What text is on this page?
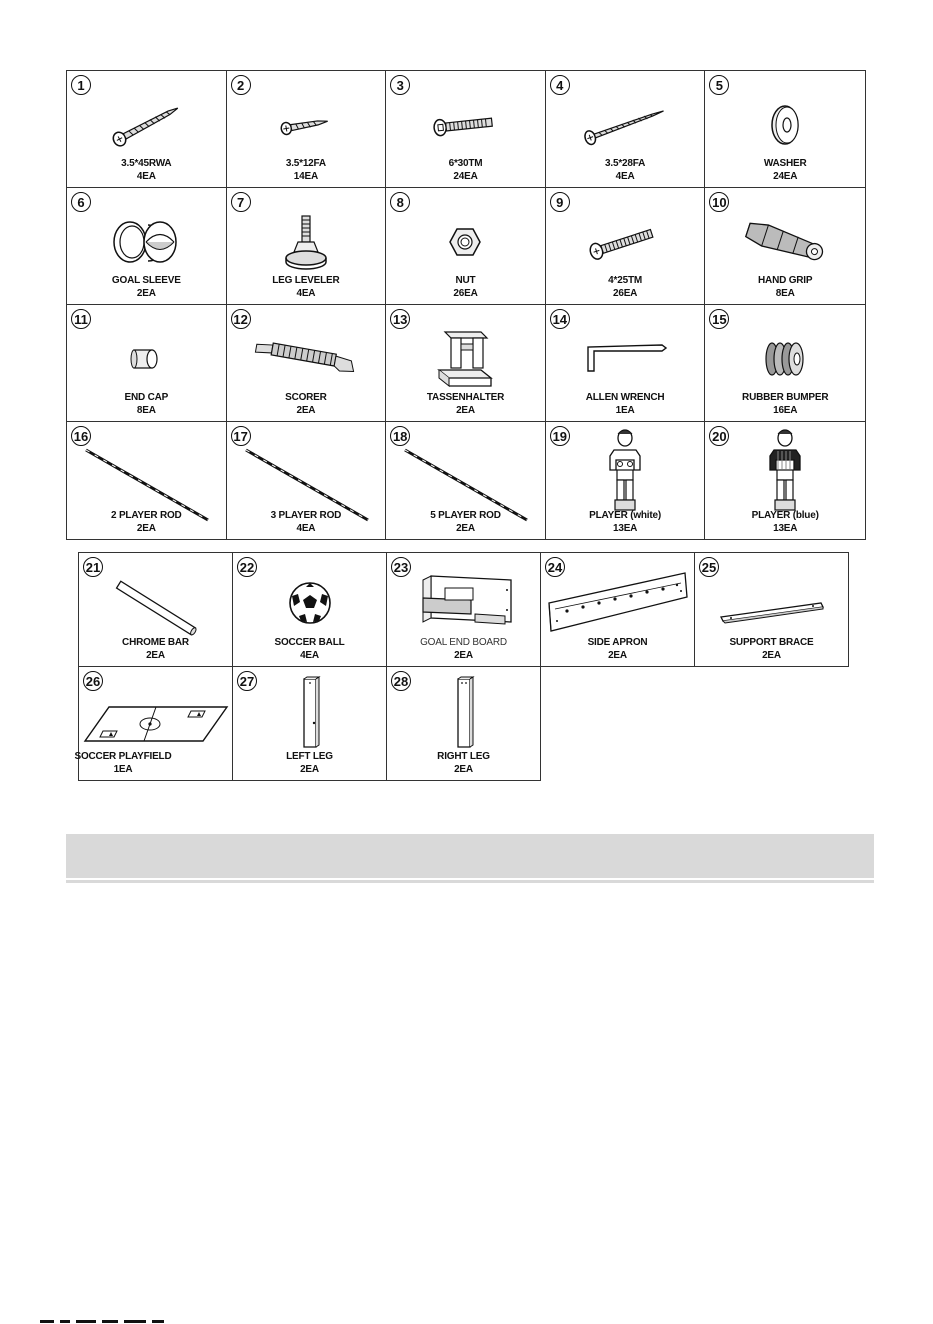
1
3.5*45RWA
4EA
2
3.5*12FA
14EA
3
6*30TM
24EA
4
3.5*28FA
4EA
5
WASHER
24EA
6
GOAL SLEEVE
2EA
7
LEG LEVELER
4EA
8
NUT
26EA
9
4*25TM
26EA
10
HAND GRIP
8EA
11
END CAP
8EA
12
SCORER
2EA
13
TASSENHALTER
2EA
14
ALLEN WRENCH
1EA
15
RUBBER BUMPER
16EA
16
2 PLAYER ROD
2EA
17
3 PLAYER ROD
4EA
18
5 PLAYER ROD
2EA
19
PLAYER (white)
13EA
20
PLAYER (blue)
13EA
21
CHROME BAR
2EA
22
SOCCER BALL
4EA
23
GOAL END BOARD
2EA
24
SIDE APRON
2EA
25
SUPPORT BRACE
2EA
26
SOCCER PLAYFIELD
1EA
27
LEFT LEG
2EA
28
RIGHT LEG
2EA
